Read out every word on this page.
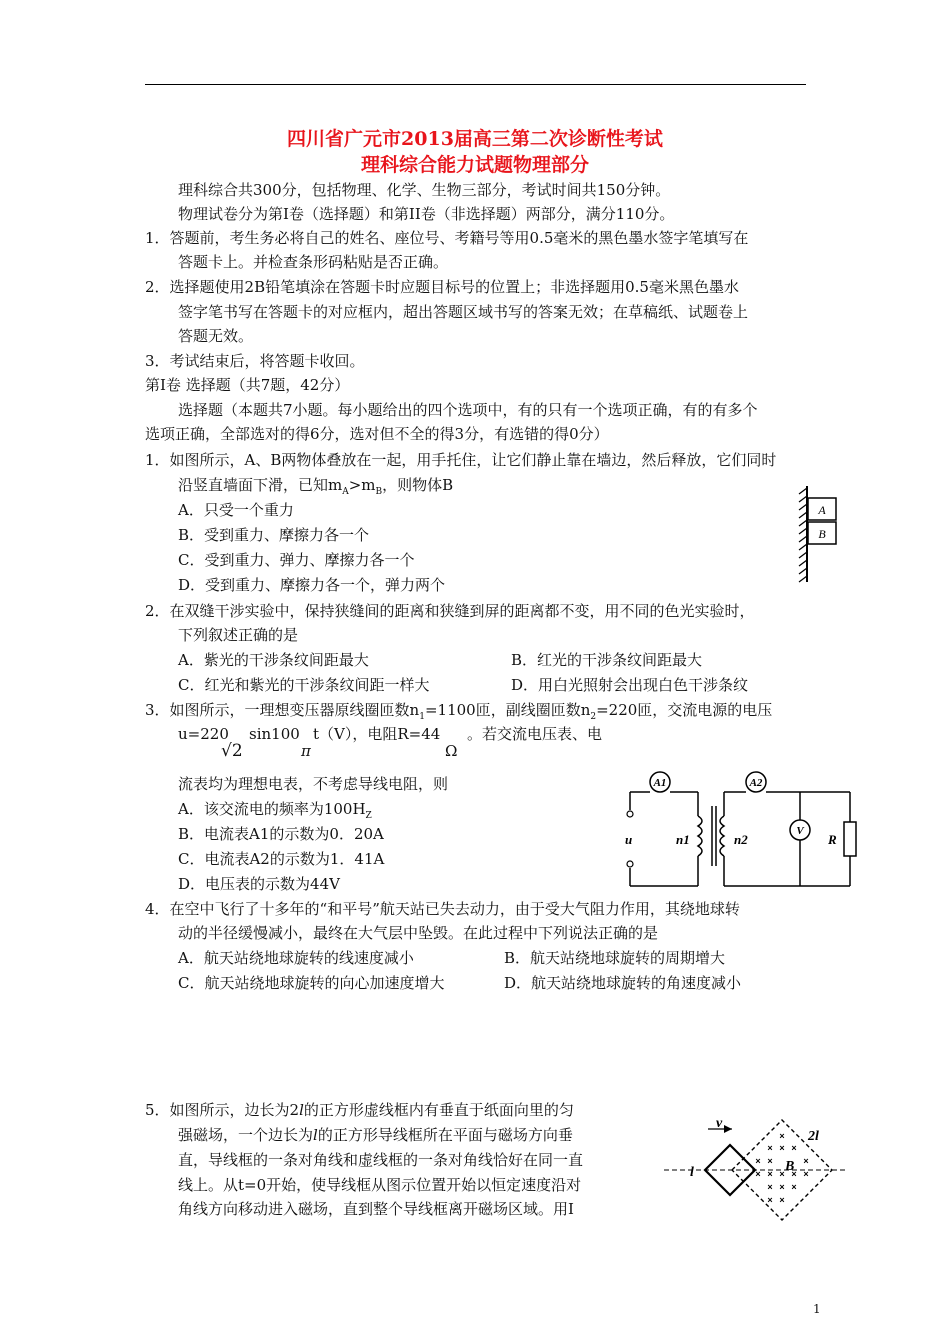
四川省广元市2013届高三第二次诊断性考试
理科综合能力试题物理部分
理科综合共300分，包括物理、化学、生物三部分，考试时间共150分钟。
物理试卷分为第Ⅰ卷（选择题）和第II卷（非选择题）两部分，满分110分。
1．答题前，考生务必将自己的姓名、座位号、考籍号等用0.5毫米的黑色墨水签字笔填写在
答题卡上。并检查条形码粘贴是否正确。
2．选择题使用2B铅笔填涂在答题卡时应题目标号的位置上；非选择题用0.5毫米黑色墨水
签字笔书写在答题卡的对应框内，超出答题区域书写的答案无效；在草稿纸、试题卷上
答题无效。
3．考试结束后，将答题卡收回。
第Ⅰ卷 选择题（共7题，42分）
选择题（本题共7小题。每小题给出的四个选项中，有的只有一个选项正确，有的有多个
选项正确，全部选对的得6分，选对但不全的得3分，有选错的得0分）
1．如图所示，A、B两物体叠放在一起，用手托住，让它们静止靠在墙边，然后释放，它们同时
沿竖直墙面下滑，已知$m_A>m_B$，则物体B
A．只受一个重力
B．受到重力、摩擦力各一个
C．受到重力、弹力、摩擦力各一个
D．受到重力、摩擦力各一个，弹力两个
A
B
2．在双缝干涉实验中，保持狭缝间的距离和狭缝到屏的距离都不变，用不同的色光实验时，
下列叙述正确的是
A．紫光的干涉条纹间距最大	B．红光的干涉条纹间距最大
C．红光和紫光的干涉条纹间距一样大	D．用白光照射会出现白色干涉条纹
3．如图所示，一理想变压器原线圈匝数$n_1=1100$匝，副线圈匝数$n_2=220$匝，交流电源的电压
u=220 sin100 t（V），电阻R=44 。若交流电压表、电
√2	π	Ω
流表均为理想电表，不考虑导线电阻，则
A．该交流电的频率为$100H_Z$
B．电流表A1的示数为0．20A
C．电流表A2的示数为1．41A
D．电压表的示数为44V
A1	A2
V
u	n1	n2	R
4．在空中飞行了十多年的“和平号”航天站已失去动力，由于受大气阻力作用，其绕地球转
动的半径缓慢减小，最终在大气层中坠毁。在此过程中下列说法正确的是
A．航天站绕地球旋转的线速度减小	B．航天站绕地球旋转的周期增大
C．航天站绕地球旋转的向心加速度增大	D．航天站绕地球旋转的角速度减小
5．如图所示，边长为2l的正方形虚线框内有垂直于纸面向里的匀
强磁场，一个边长为l的正方形导线框所在平面与磁场方向垂
直，导线框的一条对角线和虚线框的一条对角线恰好在同一直
线上。从t=0开始，使导线框从图示位置开始以恒定速度沿对
角线方向移动进入磁场，直到整个导线框离开磁场区域。用I
×
× × ×
× ×	×
× × × × ×
× × ×
× ×
v
l	B
2l
1
